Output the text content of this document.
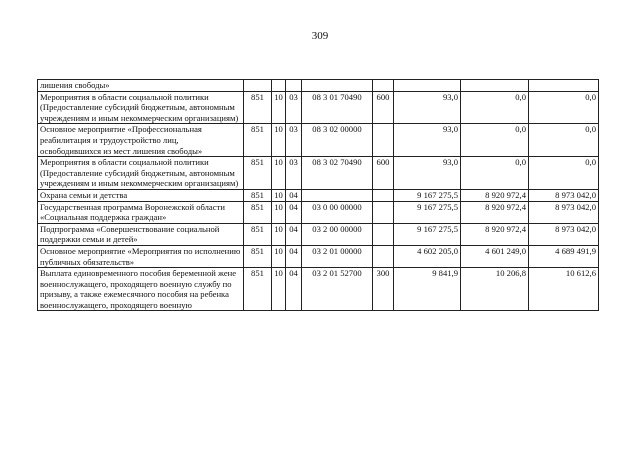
309
лишения свободы»								
Мероприятия в области социальной политики (Предоставление субсидий бюджетным, автономным учреждениям и иным некоммерческим организациям)	851	10	03	08 3 01 70490	600	93,0	0,0	0,0
Основное мероприятие «Профессиональная реабилитация и трудоустройство лиц, освободившихся из мест лишения свободы»	851	10	03	08 3 02 00000		93,0	0,0	0,0
Мероприятия в области социальной политики (Предоставление субсидий бюджетным, автономным учреждениям и иным некоммерческим организациям)	851	10	03	08 3 02 70490	600	93,0	0,0	0,0
Охрана семьи и детства	851	10	04			9 167 275,5	8 920 972,4	8 973 042,0
Государственная программа Воронежской области «Социальная поддержка граждан»	851	10	04	03 0 00 00000		9 167 275,5	8 920 972,4	8 973 042,0
Подпрограмма «Совершенствование социальной поддержки семьи и детей»	851	10	04	03 2 00 00000		9 167 275,5	8 920 972,4	8 973 042,0
Основное мероприятие «Мероприятия по исполнению публичных обязательств»	851	10	04	03 2 01 00000		4 602 205,0	4 601 249,0	4 689 491,9
Выплата единовременного пособия беременной жене военнослужащего, проходящего военную службу по призыву, а также ежемесячного пособия на ребенка военнослужащего, проходящего военную	851	10	04	03 2 01 52700	300	9 841,9	10 206,8	10 612,6
